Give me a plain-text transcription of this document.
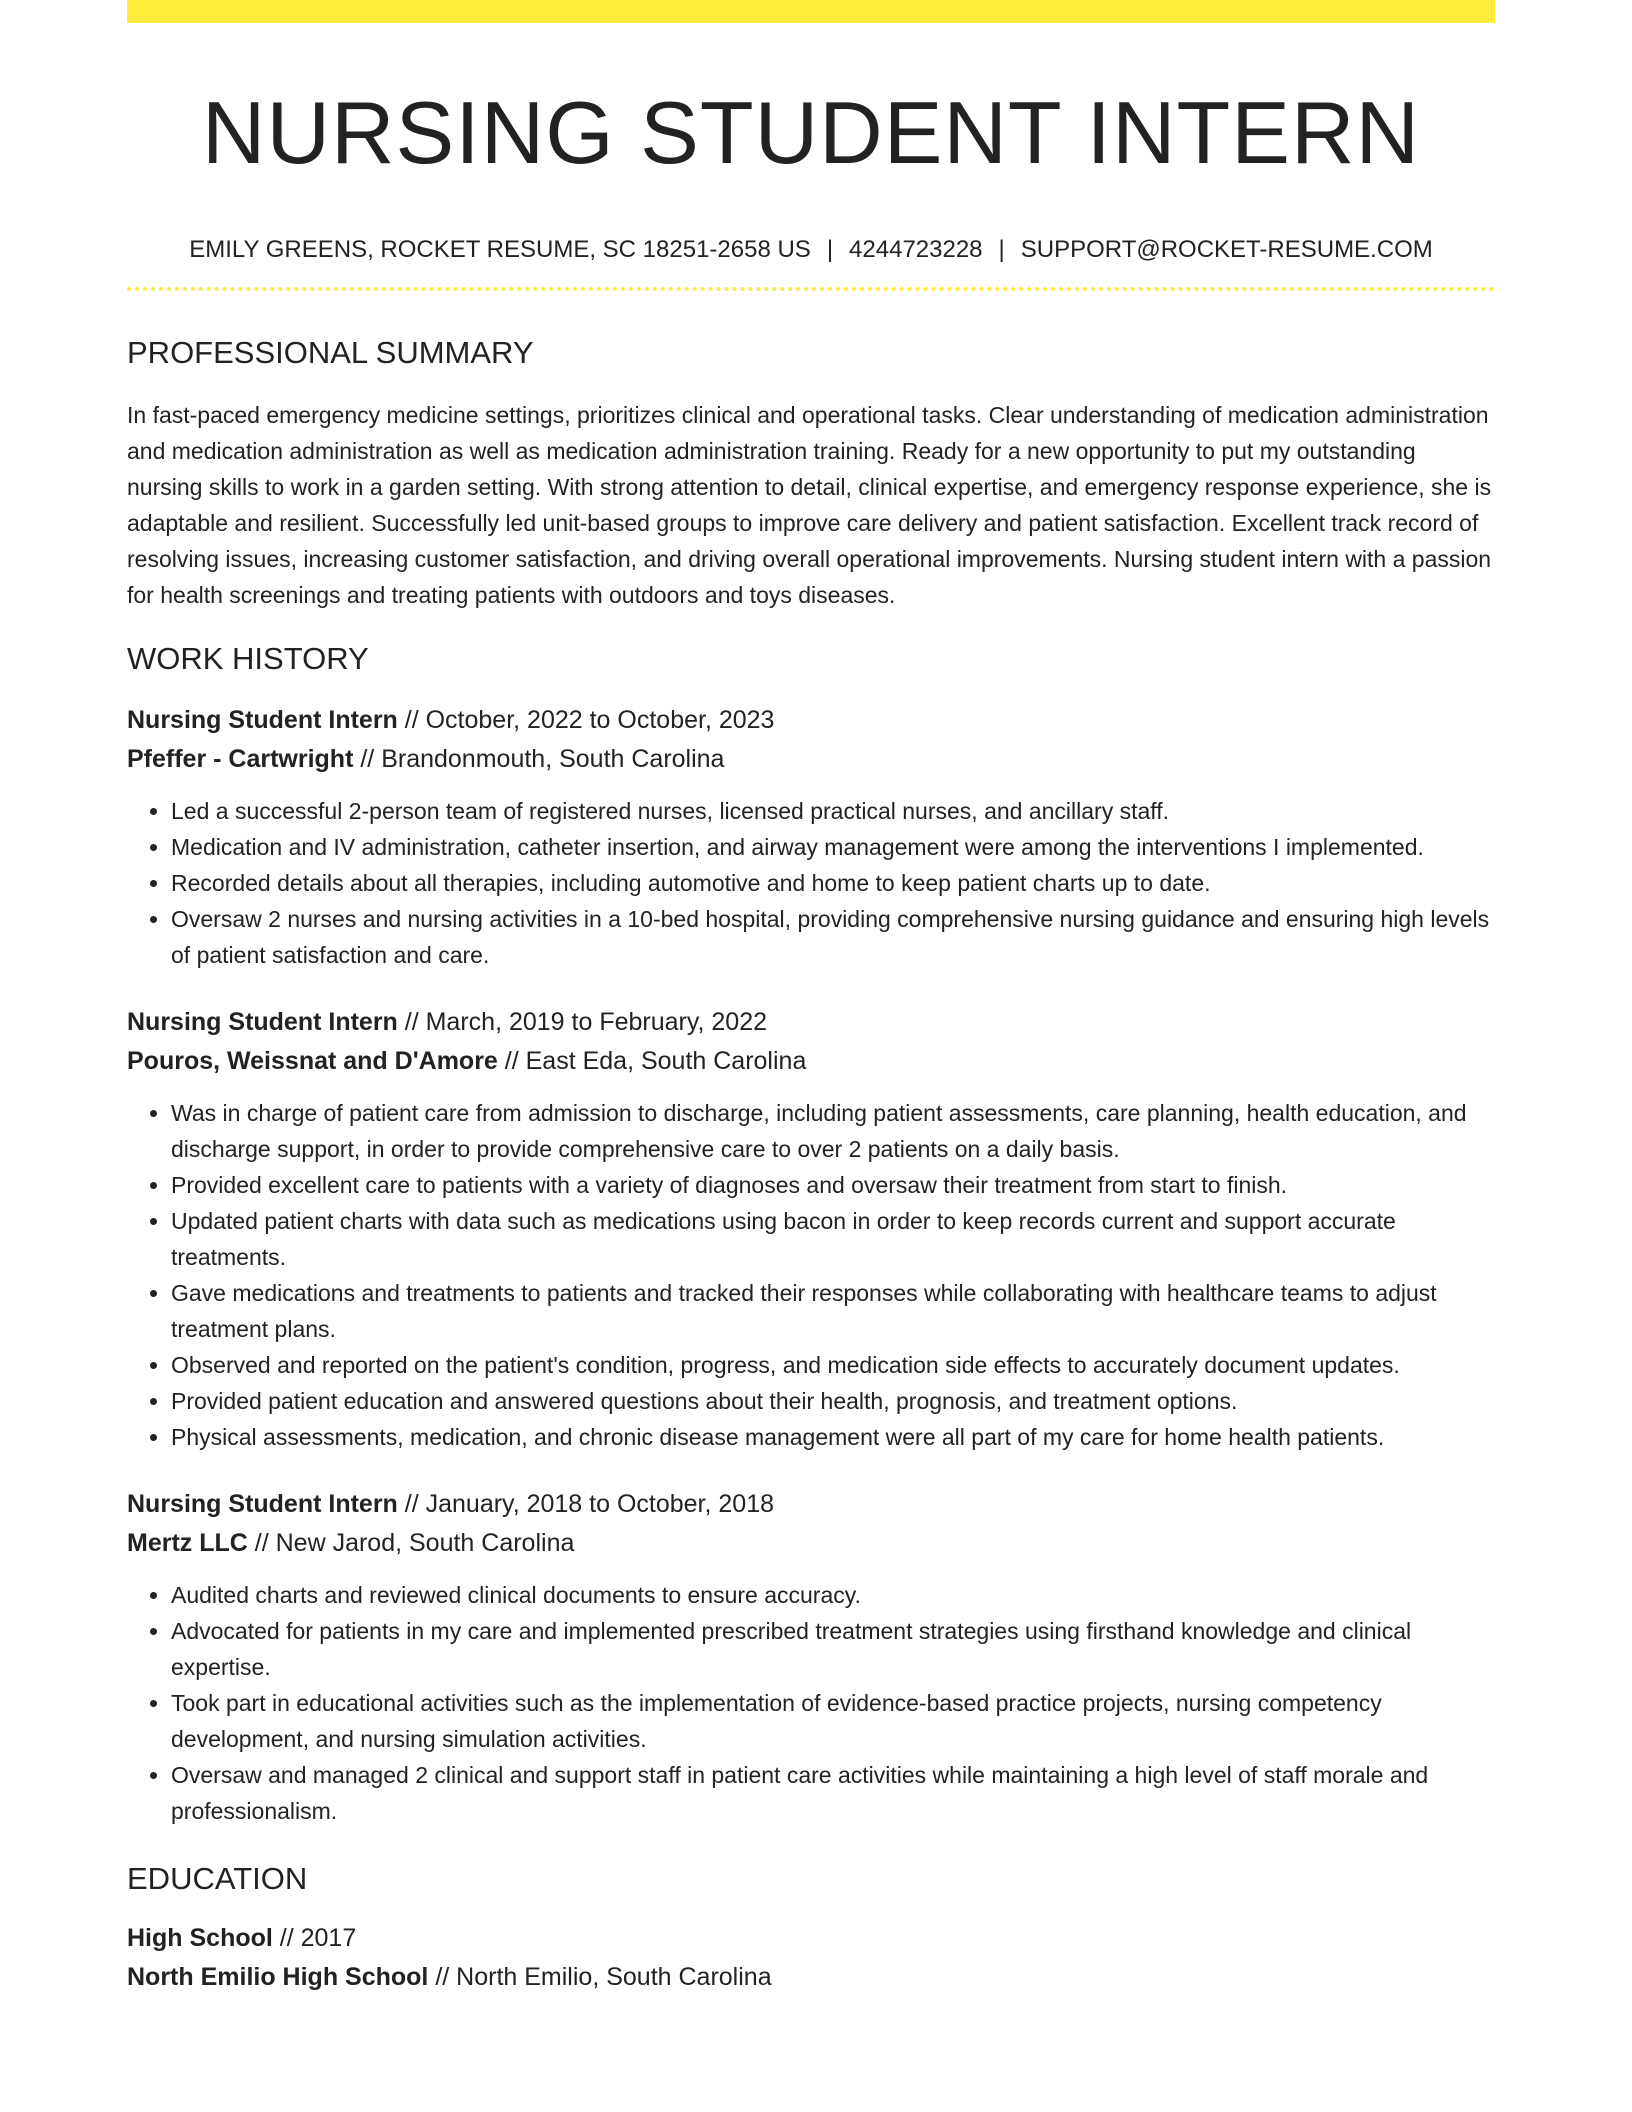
NURSING STUDENT INTERN
EMILY GREENS, ROCKET RESUME, SC 18251-2658 US | 4244723228 | SUPPORT@ROCKET-RESUME.COM
PROFESSIONAL SUMMARY
In fast-paced emergency medicine settings, prioritizes clinical and operational tasks. Clear understanding of medication administration and medication administration as well as medication administration training. Ready for a new opportunity to put my outstanding nursing skills to work in a garden setting. With strong attention to detail, clinical expertise, and emergency response experience, she is adaptable and resilient. Successfully led unit-based groups to improve care delivery and patient satisfaction. Excellent track record of resolving issues, increasing customer satisfaction, and driving overall operational improvements. Nursing student intern with a passion for health screenings and treating patients with outdoors and toys diseases.
WORK HISTORY
Nursing Student Intern // October, 2022 to October, 2023
Pfeffer - Cartwright // Brandonmouth, South Carolina
• Led a successful 2-person team of registered nurses, licensed practical nurses, and ancillary staff.
• Medication and IV administration, catheter insertion, and airway management were among the interventions I implemented.
• Recorded details about all therapies, including automotive and home to keep patient charts up to date.
• Oversaw 2 nurses and nursing activities in a 10-bed hospital, providing comprehensive nursing guidance and ensuring high levels of patient satisfaction and care.
Nursing Student Intern // March, 2019 to February, 2022
Pouros, Weissnat and D'Amore // East Eda, South Carolina
• Was in charge of patient care from admission to discharge, including patient assessments, care planning, health education, and discharge support, in order to provide comprehensive care to over 2 patients on a daily basis.
• Provided excellent care to patients with a variety of diagnoses and oversaw their treatment from start to finish.
• Updated patient charts with data such as medications using bacon in order to keep records current and support accurate treatments.
• Gave medications and treatments to patients and tracked their responses while collaborating with healthcare teams to adjust treatment plans.
• Observed and reported on the patient's condition, progress, and medication side effects to accurately document updates.
• Provided patient education and answered questions about their health, prognosis, and treatment options.
• Physical assessments, medication, and chronic disease management were all part of my care for home health patients.
Nursing Student Intern // January, 2018 to October, 2018
Mertz LLC // New Jarod, South Carolina
• Audited charts and reviewed clinical documents to ensure accuracy.
• Advocated for patients in my care and implemented prescribed treatment strategies using firsthand knowledge and clinical expertise.
• Took part in educational activities such as the implementation of evidence-based practice projects, nursing competency development, and nursing simulation activities.
• Oversaw and managed 2 clinical and support staff in patient care activities while maintaining a high level of staff morale and professionalism.
EDUCATION
High School // 2017
North Emilio High School // North Emilio, South Carolina
